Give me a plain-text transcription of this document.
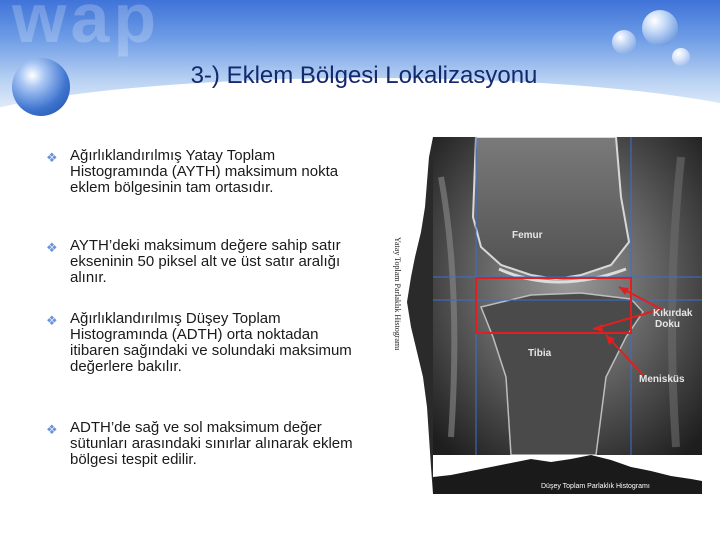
wap
3-) Eklem Bölgesi Lokalizasyonu
❖ Ağırlıklandırılmış Yatay Toplam Histogramında (AYTH) maksimum nokta eklem bölgesinin tam ortasıdır.
❖ AYTH’deki maksimum değere sahip satır ekseninin 50 piksel alt ve üst satır aralığı alınır.
❖ Ağırlıklandırılmış Düşey Toplam Histogramında (ADTH) orta noktadan itibaren sağındaki ve solundaki maksimum değerlere bakılır.
❖ ADTH’de sağ ve sol maksimum değer sütunları arasındaki sınırlar alınarak eklem bölgesi tespit edilir.
Yatay Toplam Parlaklık Histogramı
Femur
Tibia
Kıkırdak
Doku
Menisküs
Düşey Toplam Parlaklık Histogramı
